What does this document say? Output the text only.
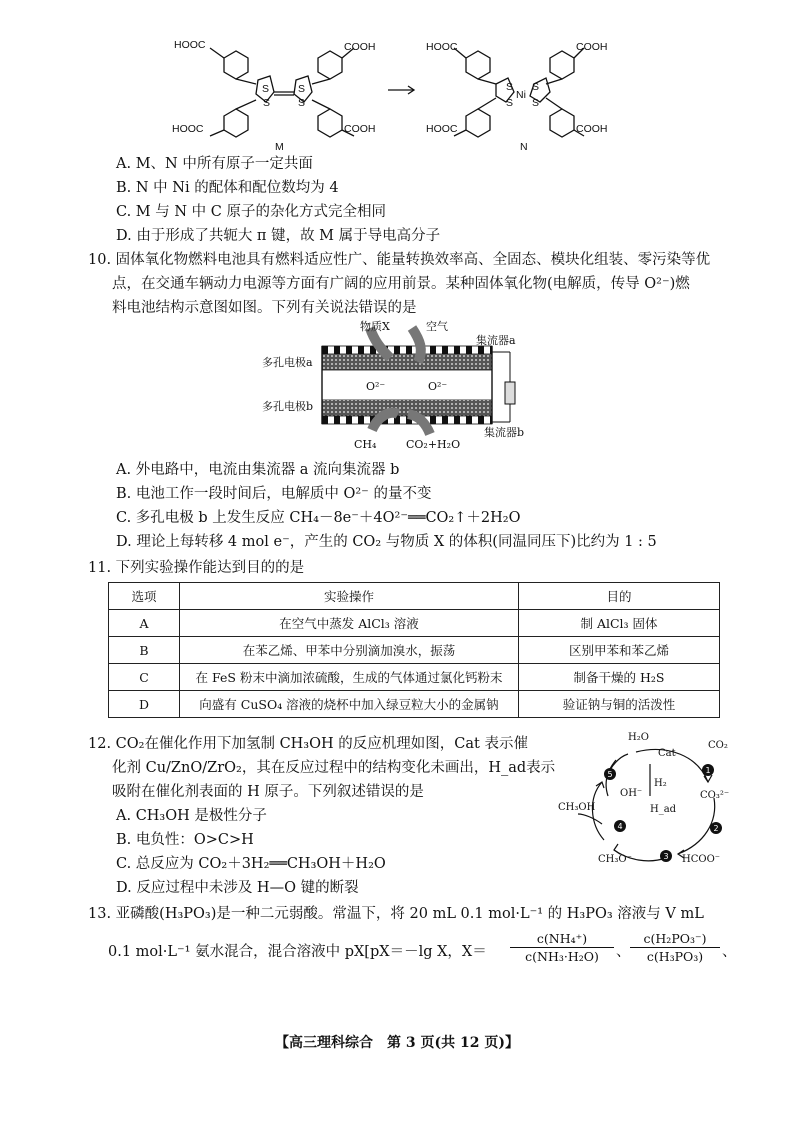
HOOC
HOOC
COOH
COOH
S
S
S
S
M
HOOC
HOOC
COOH
COOH
S
S
Ni
S
S
N
A. M、N 中所有原子一定共面
B. N 中 Ni 的配体和配位数均为 4
C. M 与 N 中 C 原子的杂化方式完全相同
D. 由于形成了共轭大 π 键，故 M 属于导电高分子
10. 固体氧化物燃料电池具有燃料适应性广、能量转换效率高、全固态、模块化组装、零污染等优
点，在交通车辆动力电源等方面有广阔的应用前景。某种固体氧化物(电解质，传导 O²⁻)燃
料电池结构示意图如图。下列有关说法错误的是
物质X	空气
集流器a
多孔电极a
多孔电极b
O²⁻	O²⁻
CH₄	CO₂+H₂O
集流器b
A. 外电路中，电流由集流器 a 流向集流器 b
B. 电池工作一段时间后，电解质中 O²⁻ 的量不变
C. 多孔电极 b 上发生反应 CH₄－8e⁻＋4O²⁻══CO₂↑＋2H₂O
D. 理论上每转移 4 mol e⁻，产生的 CO₂ 与物质 X 的体积(同温同压下)比约为 1 : 5
11. 下列实验操作能达到目的的是
选项	实验操作	目的
A	在空气中蒸发 AlCl₃ 溶液	制 AlCl₃ 固体
B	在苯乙烯、甲苯中分别滴加溴水，振荡	区别甲苯和苯乙烯
C	在 FeS 粉末中滴加浓硫酸，生成的气体通过氯化钙粉末	制备干燥的 H₂S
D	向盛有 CuSO₄ 溶液的烧杯中加入绿豆粒大小的金属钠	验证钠与铜的活泼性
12. CO₂在催化作用下加氢制 CH₃OH 的反应机理如图，Cat 表示催
化剂 Cu/ZnO/ZrO₂，其在反应过程中的结构变化未画出，H_ad表示
吸附在催化剂表面的 H 原子。下列叙述错误的是
A. CH₃OH 是极性分子
B. 电负性：O>C>H
C. 总反应为 CO₂＋3H₂══CH₃OH＋H₂O
D. 反应过程中未涉及 H—O 键的断裂
1
2
3
4
5
H₂O
Cat
CO₂
H₂
OH⁻	CO₃²⁻
CH₃OH	H_ad
CH₃O⁻	HCOO⁻
13. 亚磷酸(H₃PO₃)是一种二元弱酸。常温下，将 20 mL 0.1 mol·L⁻¹ 的 H₃PO₃ 溶液与 V mL
0.1 mol·L⁻¹ 氨水混合，混合溶液中 pX[pX＝－lg X，$X= \frac{\text{c(NH₄⁺)}}{\text{c(NH₃·H₂O)}}$ 、 $\frac{\text{c(H₂PO₃⁻)}}{\text{c(H₃PO₃)}}$ 、
【高三理科综合　第 3 页(共 12 页)】
